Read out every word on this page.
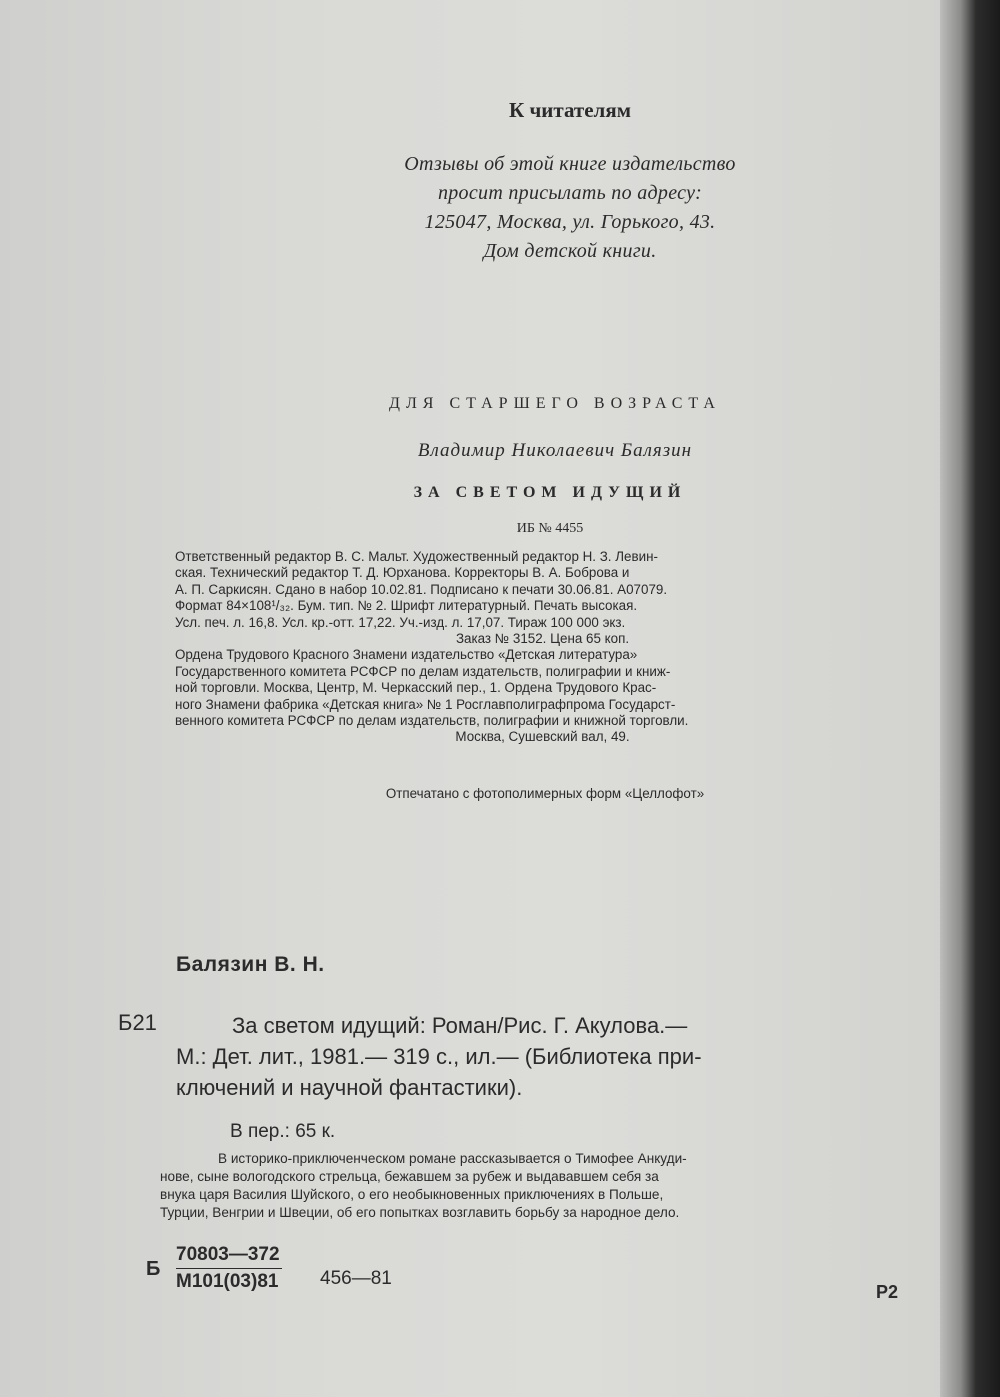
К читателям
Отзывы об этой книге издательство
просит присылать по адресу:
125047, Москва, ул. Горького, 43.
Дом детской книги.
ДЛЯ СТАРШЕГО ВОЗРАСТА
Владимир Николаевич Балязин
ЗА СВЕТОМ ИДУЩИЙ
ИБ № 4455

Ответственный редактор В. С. Мальт. Художественный редактор Н. З. Левин-

ская. Технический редактор Т. Д. Юрханова. Корректоры В. А. Боброва и

А. П. Саркисян. Сдано в набор 10.02.81. Подписано к печати 30.06.81. А07079.

Формат 84×108¹/₃₂. Бум. тип. № 2. Шрифт литературный. Печать высокая.

Усл. печ. л. 16,8. Усл. кр.-отт. 17,22. Уч.-изд. л. 17,07. Тираж 100 000 экз.

Заказ № 3152. Цена 65 коп.

Ордена Трудового Красного Знамени издательство «Детская литература»

Государственного комитета РСФСР по делам издательств, полиграфии и книж-

ной торговли. Москва, Центр, М. Черкасский пер., 1. Ордена Трудового Крас-

ного Знамени фабрика «Детская книга» № 1 Росглавполиграфпрома Государст-

венного комитета РСФСР по делам издательств, полиграфии и книжной торговли.

Москва, Сушевский вал, 49.

Отпечатано с фотополимерных форм «Целлофот»
Балязин В. Н.
Б21	За светом идущий: Роман/Рис. Г. Акулова.—

М.: Дет. лит., 1981.— 319 с., ил.— (Библиотека при-

ключений и научной фантастики).

В пер.: 65 к.

В историко-приключенческом романе рассказывается о Тимофее Анкуди-

нове, сыне вологодского стрельца, бежавшем за рубеж и выдававшем себя за

внука царя Василия Шуйского, о его необыкновенных приключениях в Польше,

Турции, Венгрии и Швеции, об его попытках возглавить борьбу за народное дело.

Б
70803—372
М101(03)81 456—81
Р2
